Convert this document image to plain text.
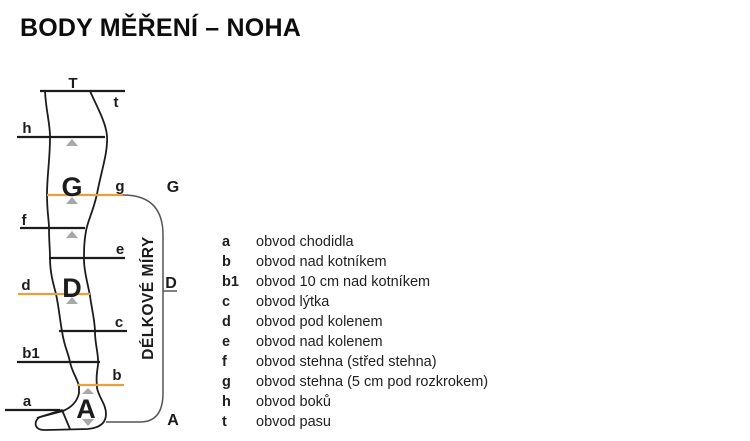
BODY MĚŘENÍ – NOHA
T
t
h
f
e
c
b1
a
g
d
b
G
D
A
G
D
A
DÉLKOVÉ MÍRY	a	obvod chodidla
b	obvod nad kotníkem
b1	obvod 10 cm nad kotníkem
c	obvod lýtka
d	obvod pod kolenem
e	obvod nad kolenem
f	obvod stehna (střed stehna)
g	obvod stehna (5 cm pod rozkrokem)
h	obvod boků
t	obvod pasu
